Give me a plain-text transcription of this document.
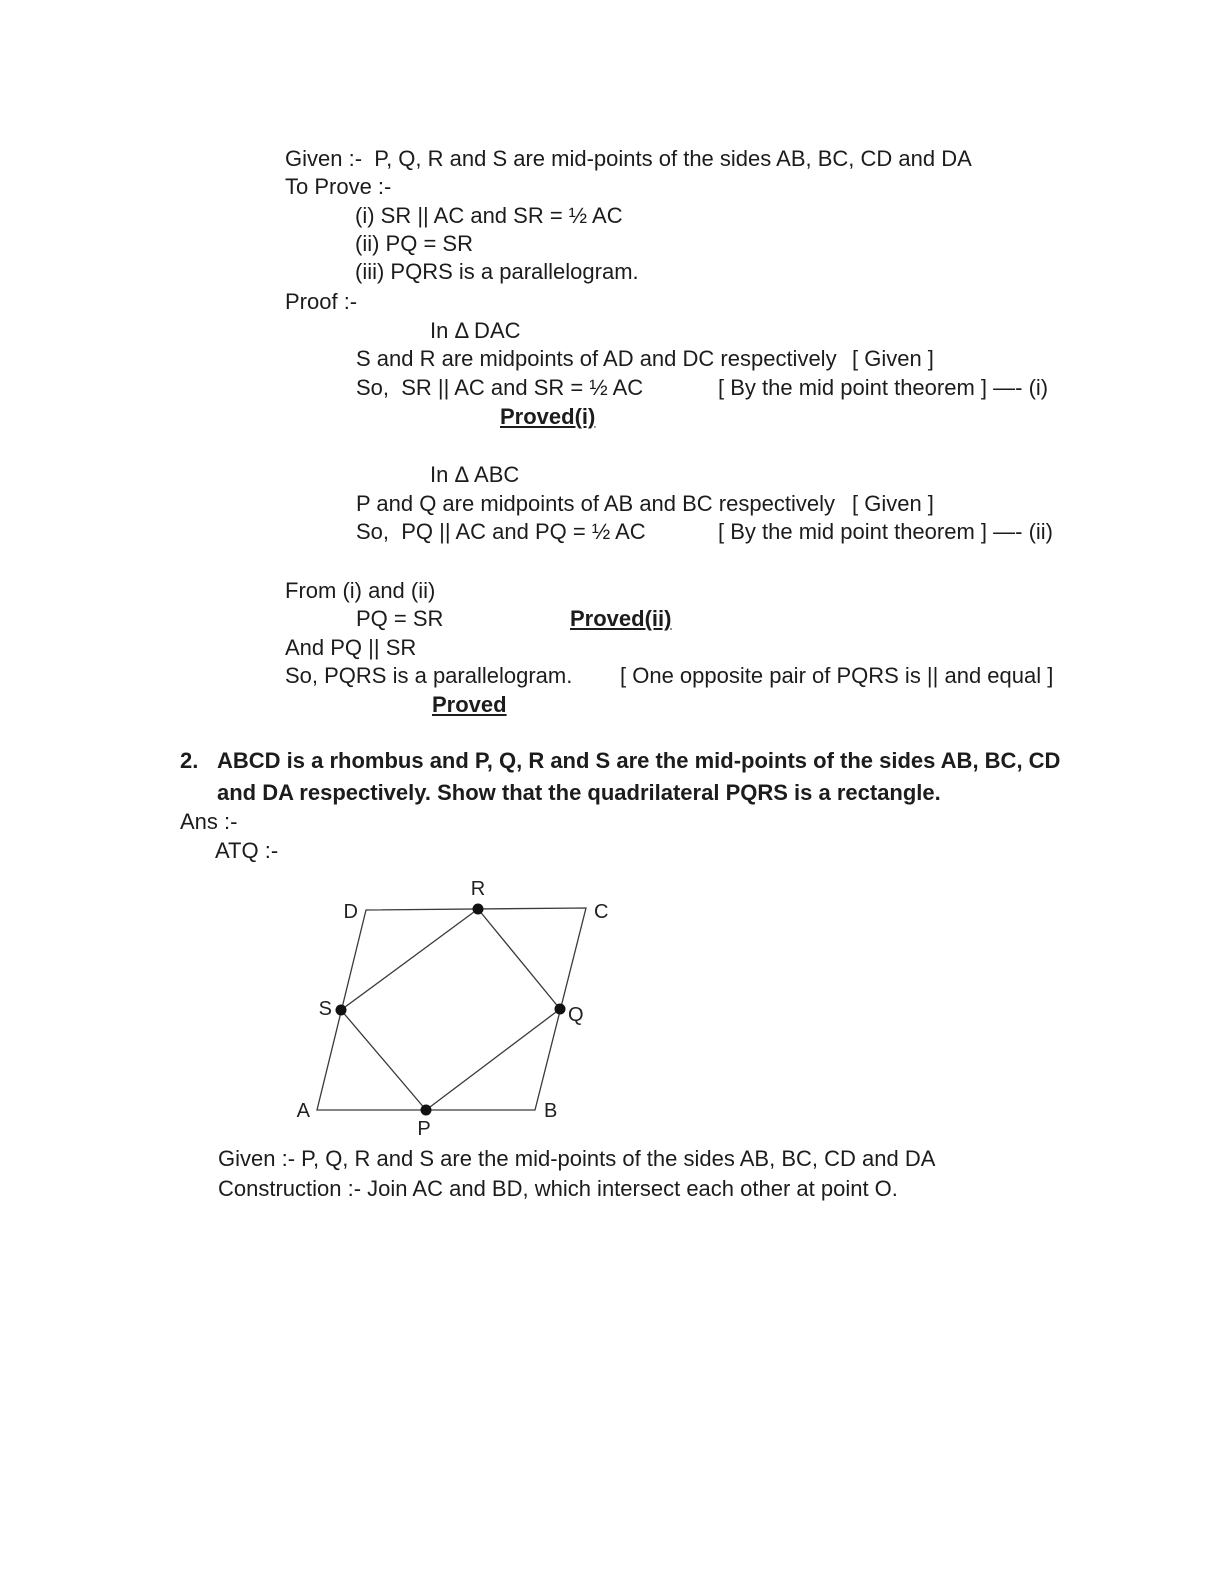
Given :-  P, Q, R and S are mid-points of the sides AB, BC, CD and DA
To Prove :-
(i) SR || AC and SR = ½ AC
(ii) PQ = SR
(iii) PQRS is a parallelogram.
Proof :-
In Δ DAC
S and R are midpoints of AD and DC respectively [ Given ]
So,  SR || AC and SR = ½ AC	[ By the mid point theorem ] —- (i)
Proved(i)
In Δ ABC
P and Q are midpoints of AB and BC respectively [ Given ]
So,  PQ || AC and PQ = ½ AC	[ By the mid point theorem ] —- (ii)
From (i) and (ii)
PQ = SR	Proved(ii)
And PQ || SR
So, PQRS is a parallelogram. [ One opposite pair of PQRS is || and equal ]
Proved
2. ABCD is a rhombus and P, Q, R and S are the mid-points of the sides AB, BC, CD
and DA respectively. Show that the quadrilateral PQRS is a rectangle.
Ans :-
ATQ :-
A	B
C
D
P
Q
R
S
Given :- P, Q, R and S are the mid-points of the sides AB, BC, CD and DA
Construction :- Join AC and BD, which intersect each other at point O.
